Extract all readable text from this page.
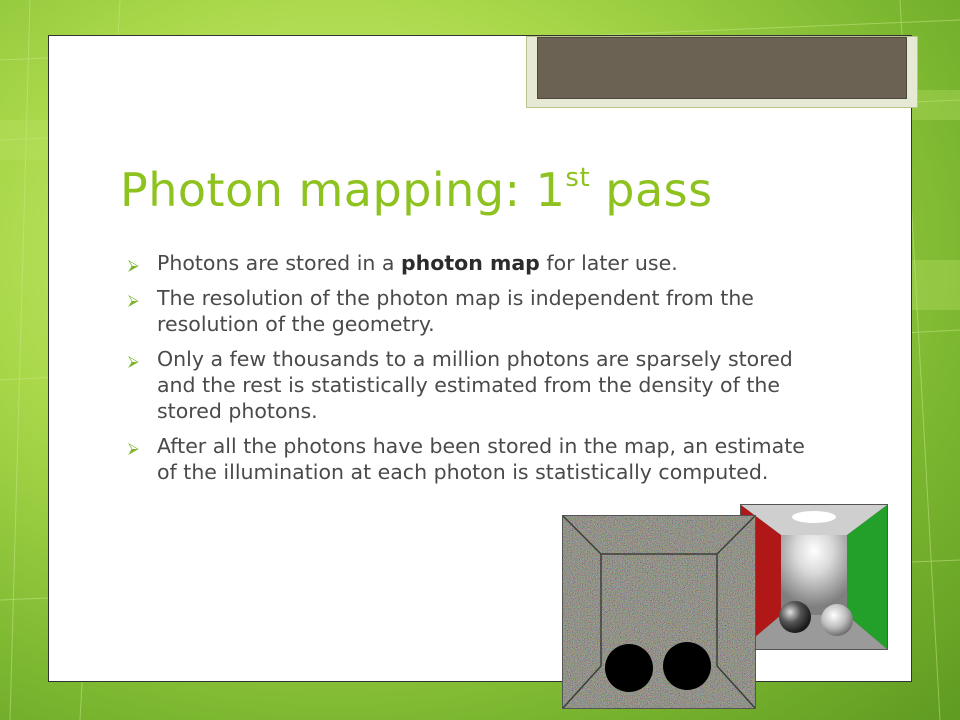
Photon mapping: 1st pass
⮚ Photons are stored in a photon map for later use.
⮚ The resolution of the photon map is independent from the resolution of the geometry.
⮚ Only a few thousands to a million photons are sparsely stored and the rest is statistically estimated from the density of the stored photons.
⮚ After all the photons have been stored in the map, an estimate of the illumination at each photon is statistically computed.
